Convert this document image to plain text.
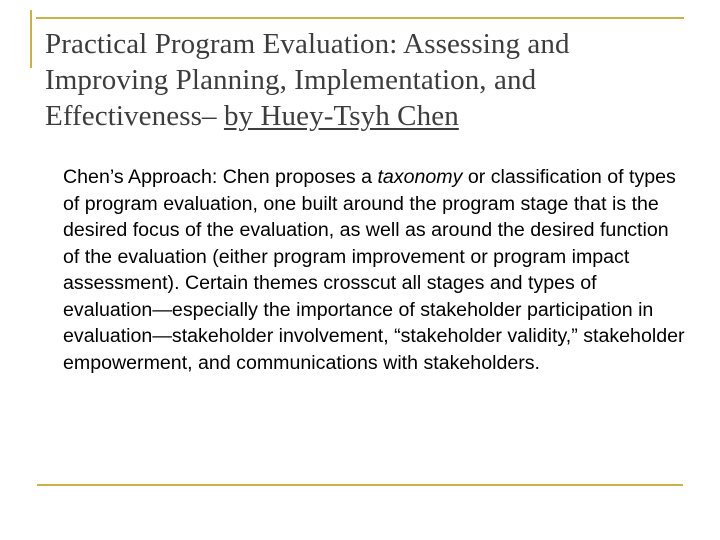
Practical Program Evaluation: Assessing and Improving Planning, Implementation, and Effectiveness– by Huey-Tsyh Chen

Chen’s Approach: Chen proposes a taxonomy or classification of types of program evaluation, one built around the program stage that is the desired focus of the evaluation, as well as around the desired function of the evaluation (either program improvement or program impact assessment). Certain themes crosscut all stages and types of evaluation—especially the importance of stakeholder participation in evaluation—stakeholder involvement, “stakeholder validity,” stakeholder empowerment, and communications with stakeholders.
